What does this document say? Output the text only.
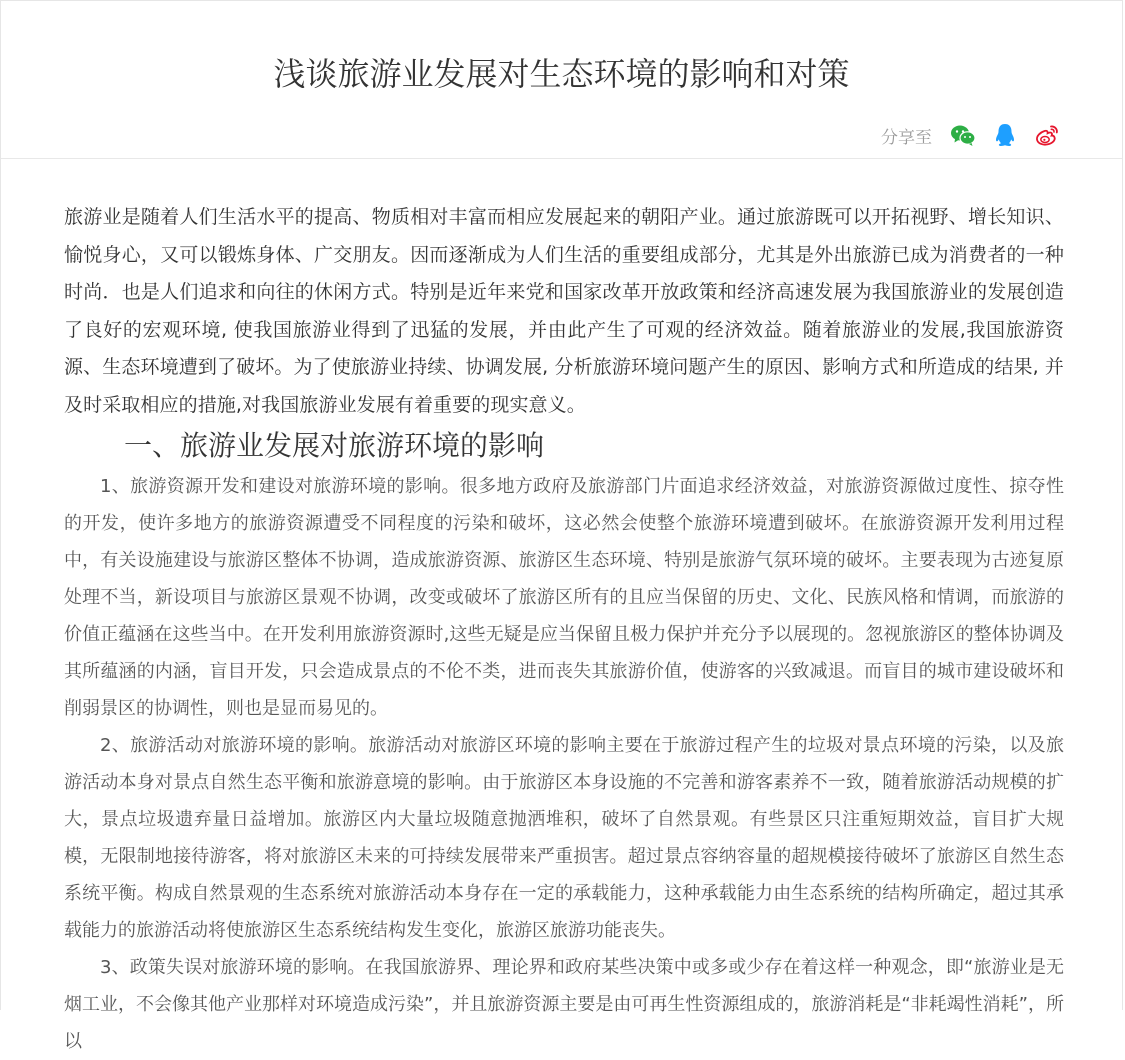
浅谈旅游业发展对生态环境的影响和对策
分享至

旅游业是随着人们生活水平的提高、物质相对丰富而相应发展起来的朝阳产业。通过旅游既可以开拓视野、增长知识、愉悦身心，又可以锻炼身体、广交朋友。因而逐渐成为人们生活的重要组成部分，尤其是外出旅游已成为消费者的一种时尚．也是人们追求和向往的休闲方式。特别是近年来党和国家改革开放政策和经济高速发展为我国旅游业的发展创造了良好的宏观环境, 使我国旅游业得到了迅猛的发展，并由此产生了可观的经济效益。随着旅游业的发展,我国旅游资源、生态环境遭到了破坏。为了使旅游业持续、协调发展, 分析旅游环境问题产生的原因、影响方式和所造成的结果, 并及时采取相应的措施,对我国旅游业发展有着重要的现实意义。

一、旅游业发展对旅游环境的影响

1、旅游资源开发和建设对旅游环境的影响。很多地方政府及旅游部门片面追求经济效益，对旅游资源做过度性、掠夺性的开发，使许多地方的旅游资源遭受不同程度的污染和破坏，这必然会使整个旅游环境遭到破坏。在旅游资源开发利用过程中，有关设施建设与旅游区整体不协调，造成旅游资源、旅游区生态环境、特别是旅游气氛环境的破坏。主要表现为古迹复原处理不当，新设项目与旅游区景观不协调，改变或破坏了旅游区所有的且应当保留的历史、文化、民族风格和情调，而旅游的价值正蕴涵在这些当中。在开发利用旅游资源时,这些无疑是应当保留且极力保护并充分予以展现的。忽视旅游区的整体协调及其所蕴涵的内涵，盲目开发，只会造成景点的不伦不类，进而丧失其旅游价值，使游客的兴致减退。而盲目的城市建设破坏和削弱景区的协调性，则也是显而易见的。

2、旅游活动对旅游环境的影响。旅游活动对旅游区环境的影响主要在于旅游过程产生的垃圾对景点环境的污染，以及旅游活动本身对景点自然生态平衡和旅游意境的影响。由于旅游区本身设施的不完善和游客素养不一致，随着旅游活动规模的扩大，景点垃圾遗弃量日益增加。旅游区内大量垃圾随意抛洒堆积，破坏了自然景观。有些景区只注重短期效益，盲目扩大规模，无限制地接待游客，将对旅游区未来的可持续发展带来严重损害。超过景点容纳容量的超规模接待破坏了旅游区自然生态系统平衡。构成自然景观的生态系统对旅游活动本身存在一定的承载能力，这种承载能力由生态系统的结构所确定，超过其承载能力的旅游活动将使旅游区生态系统结构发生变化，旅游区旅游功能丧失。

3、政策失误对旅游环境的影响。在我国旅游界、理论界和政府某些决策中或多或少存在着这样一种观念，即“旅游业是无烟工业，不会像其他产业那样对环境造成污染”，并且旅游资源主要是由可再生性资源组成的，旅游消耗是“非耗竭性消耗”，所以
